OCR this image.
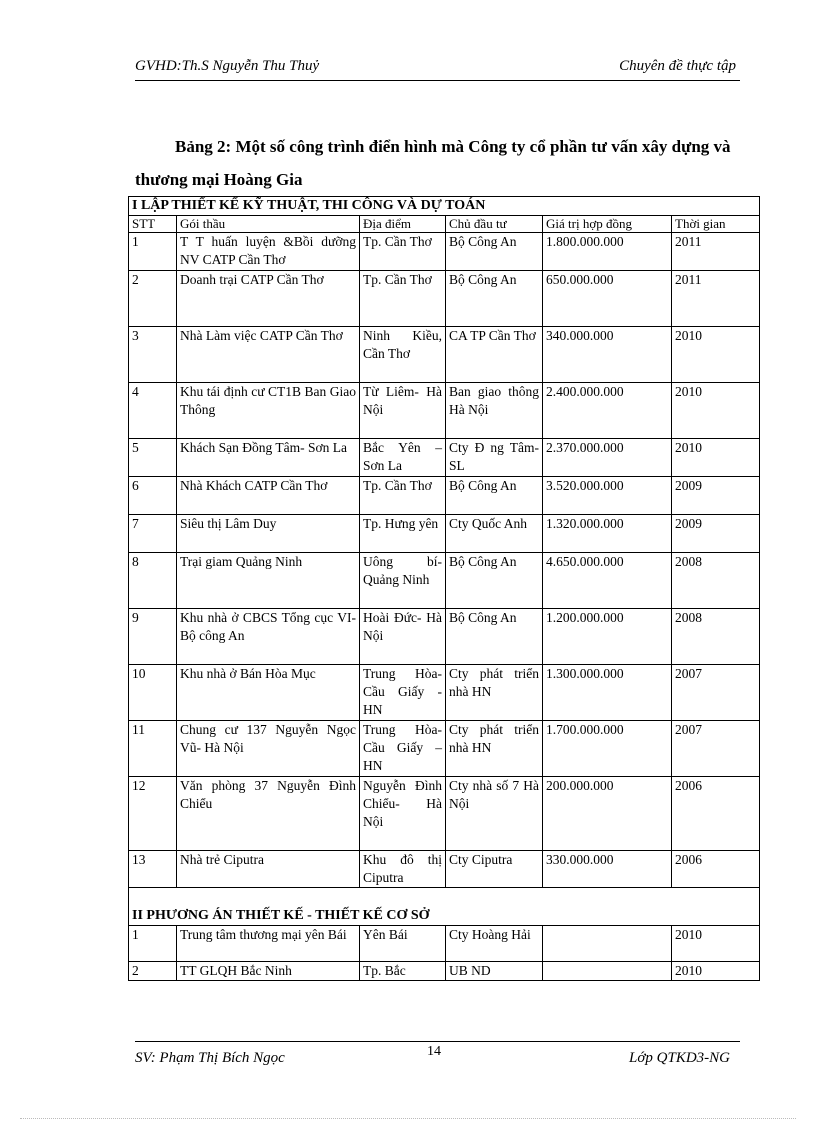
GVHD:Th.S Nguyễn Thu Thuỷ	Chuyên đề thực tập
Bảng 2: Một số công trình điển hình mà Công ty cổ phần tư vấn xây dựng và thương mại Hoàng Gia
I LẬP THIẾT KẾ KỸ THUẬT, THI CÔNG VÀ DỰ TOÁN					
STT	Gói thầu	Địa điểm	Chủ đầu tư	Giá trị hợp đồng	Thời gian
1	T T huấn luyện &Bồi dưỡng NV CATP Cần Thơ	Tp. Cần Thơ	Bộ Công An	1.800.000.000	2011
2	Doanh trại CATP Cần Thơ	Tp. Cần Thơ	Bộ Công An	650.000.000	2011
3	Nhà Làm việc CATP Cần Thơ	Ninh Kiều, Cần Thơ	CA TP Cần Thơ	340.000.000	2010
4	Khu tái định cư CT1B Ban Giao Thông	Từ Liêm- Hà Nội	Ban giao thông Hà Nội	2.400.000.000	2010
5	Khách Sạn Đồng Tâm- Sơn La	Bắc Yên – Sơn La	Cty Đ ng Tâm-SL	2.370.000.000	2010
6	Nhà Khách CATP Cần Thơ	Tp. Cần Thơ	Bộ Công An	3.520.000.000	2009
7	Siêu thị Lâm Duy	Tp. Hưng yên	Cty Quốc Anh	1.320.000.000	2009
8	Trại giam Quảng Ninh	Uông bí- Quảng Ninh	Bộ Công An	4.650.000.000	2008
9	Khu nhà ở CBCS Tổng cục VI- Bộ công An	Hoài Đức- Hà Nội	Bộ Công An	1.200.000.000	2008
10	Khu nhà ở Bán Hòa Mục	Trung Hòa- Cầu Giấy - HN	Cty phát triển nhà HN	1.300.000.000	2007
11	Chung cư 137 Nguyễn Ngọc Vũ- Hà Nội	Trung Hòa- Cầu Giấy – HN	Cty phát triển nhà HN	1.700.000.000	2007
12	Văn phòng 37 Nguyễn Đình Chiểu	Nguyễn Đình Chiểu- Hà Nội	Cty nhà số 7 Hà Nội	200.000.000	2006
13	Nhà trẻ Ciputra	Khu đô thị Ciputra	Cty Ciputra	330.000.000	2006
II PHƯƠNG ÁN THIẾT KẾ - THIẾT KẾ CƠ SỞ					
1	Trung tâm thương mại yên Bái	Yên Bái	Cty Hoàng Hải		2010
2	TT GLQH Bắc Ninh	Tp. Bắc	UB ND		2010
SV: Phạm Thị Bích Ngọc	14	Lớp QTKD3-NG
